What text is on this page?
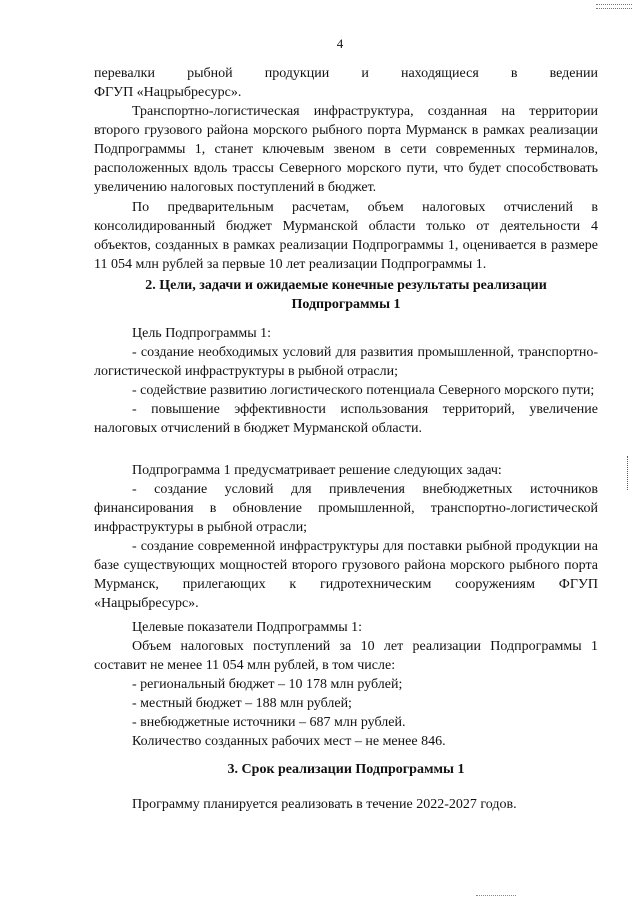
4

перевалки рыбной продукции и находящиеся в ведении

ФГУП «Нацрыбресурс».

Транспортно-логистическая инфраструктура, созданная на территории второго грузового района морского рыбного порта Мурманск в рамках реализации Подпрограммы 1, станет ключевым звеном в сети современных терминалов, расположенных вдоль трассы Северного морского пути, что будет способствовать увеличению налоговых поступлений в бюджет.

По предварительным расчетам, объем налоговых отчислений в консолидированный бюджет Мурманской области только от деятельности 4 объектов, созданных в рамках реализации Подпрограммы 1, оценивается в размере 11 054 млн рублей за первые 10 лет реализации Подпрограммы 1.

2. Цели, задачи и ожидаемые конечные результаты реализации

Подпрограммы 1

Цель Подпрограммы 1:

- создание необходимых условий для развития промышленной, транспортно-логистической инфраструктуры в рыбной отрасли;

- содействие развитию логистического потенциала Северного морского пути;

- повышение эффективности использования территорий, увеличение налоговых отчислений в бюджет Мурманской области.

Подпрограмма 1 предусматривает решение следующих задач:

- создание условий для привлечения внебюджетных источников финансирования в обновление промышленной, транспортно-логистической инфраструктуры в рыбной отрасли;

- создание современной инфраструктуры для поставки рыбной продукции на базе существующих мощностей второго грузового района морского рыбного порта Мурманск, прилегающих к гидротехническим сооружениям ФГУП «Нацрыбресурс».

Целевые показатели Подпрограммы 1:

Объем налоговых поступлений за 10 лет реализации Подпрограммы 1 составит не менее 11 054 млн рублей, в том числе:

- региональный бюджет – 10 178 млн рублей;

- местный бюджет – 188 млн рублей;

- внебюджетные источники – 687 млн рублей.

Количество созданных рабочих мест – не менее 846.

3. Срок реализации Подпрограммы 1

Программу планируется реализовать в течение 2022-2027 годов.
